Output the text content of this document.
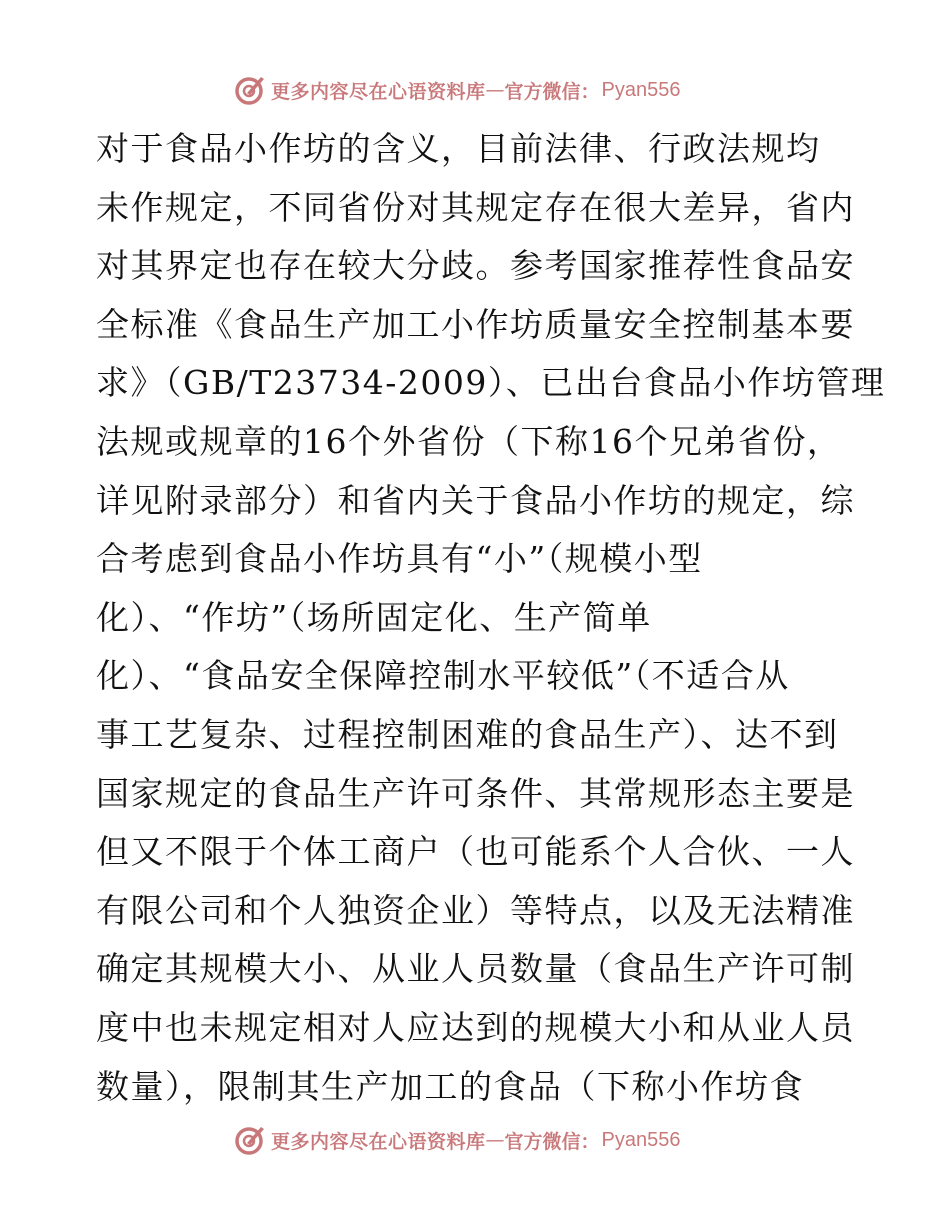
更多内容尽在心语资料库 — 官方微信： Pyan556
对于食品小作坊的含义，目前法律、行政法规均
未作规定，不同省份对其规定存在很大差异，省内
对其界定也存在较大分歧。参考国家推荐性食品安
全标准《食品生产加工小作坊质量安全控制基本要
求》（GB/T23734-2009）、已出台食品小作坊管理
法规或规章的16个外省份（下称16个兄弟省份，
详见附录部分）和省内关于食品小作坊的规定，综
合考虑到食品小作坊具有“小”（规模小型
化）、“作坊”（场所固定化、生产简单
化）、“食品安全保障控制水平较低”（不适合从
事工艺复杂、过程控制困难的食品生产）、达不到
国家规定的食品生产许可条件、其常规形态主要是
但又不限于个体工商户（也可能系个人合伙、一人
有限公司和个人独资企业）等特点，以及无法精准
确定其规模大小、从业人员数量（食品生产许可制
度中也未规定相对人应达到的规模大小和从业人员
数量），限制其生产加工的食品（下称小作坊食
更多内容尽在心语资料库 — 官方微信： Pyan556
